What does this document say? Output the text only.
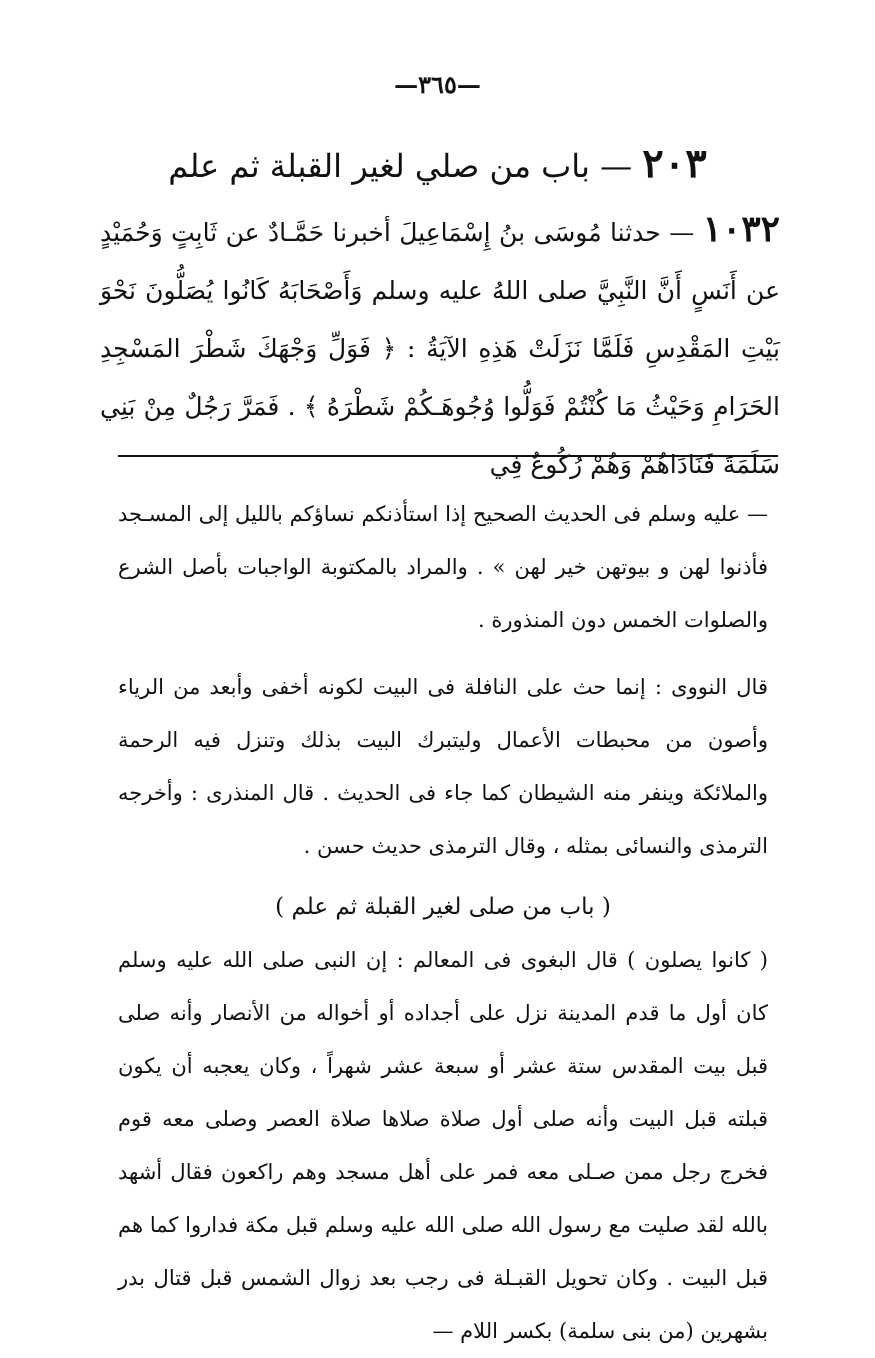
—٣٦٥—
٢٠٣ — باب من صلي لغير القبلة ثم علم
١٠٣٢ — حدثنا مُوسَى بنُ إِسْمَاعِيلَ أخبرنا حَمَّـادٌ عن ثَابِتٍ وَحُمَيْدٍ عن أَنَسٍ أَنَّ النَّبِيَّ صلى اللهُ عليه وسلم وَأَصْحَابَهُ كَانُوا يُصَلُّونَ نَحْوَ بَيْتِ المَقْدِسِ فَلَمَّا نَزَلَتْ هَذِهِ الآيَةُ : ﴿ فَوَلِّ وَجْهَكَ شَطْرَ المَسْجِدِ الحَرَامِ وَحَيْثُ مَا كُنْتُمْ فَوَلُّوا وُجُوهَـكُمْ شَطْرَهُ ﴾ . فَمَرَّ رَجُلٌ مِنْ بَنِي سَلَمَةَ فَنَادَاهُمْ وَهُمْ رُكُوعٌ فِي

— عليه وسلم فى الحديث الصحيح إذا استأذنكم نساؤكم بالليل إلى المسـجد فأذنوا لهن و بيوتهن خير لهن » . والمراد بالمكتوبة الواجبات بأصل الشرع والصلوات الخمس دون المنذورة .

قال النووى : إنما حث على النافلة فى البيت لكونه أخفى وأبعد من الرياء وأصون من محبطات الأعمال وليتبرك البيت بذلك وتنزل فيه الرحمة والملائكة وينفر منه الشيطان كما جاء فى الحديث . قال المنذرى : وأخرجه الترمذى والنسائى بمثله ، وقال الترمذى حديث حسن .

( باب من صلى لغير القبلة ثم علم )

( كانوا يصلون ) قال البغوى فى المعالم : إن النبى صلى الله عليه وسلم كان أول ما قدم المدينة نزل على أجداده أو أخواله من الأنصار وأنه صلى قبل بيت المقدس ستة عشر أو سبعة عشر شهراً ، وكان يعجبه أن يكون قبلته قبل البيت وأنه صلى أول صلاة صلاها صلاة العصر وصلى معه قوم فخرج رجل ممن صـلى معه فمر على أهل مسجد وهم راكعون فقال أشهد بالله لقد صليت مع رسول الله صلى الله عليه وسلم قبل مكة فداروا كما هم قبل البيت . وكان تحويل القبـلة فى رجب بعد زوال الشمس قبل قتال بدر بشهرين (من بنى سلمة) بكسر اللام —
